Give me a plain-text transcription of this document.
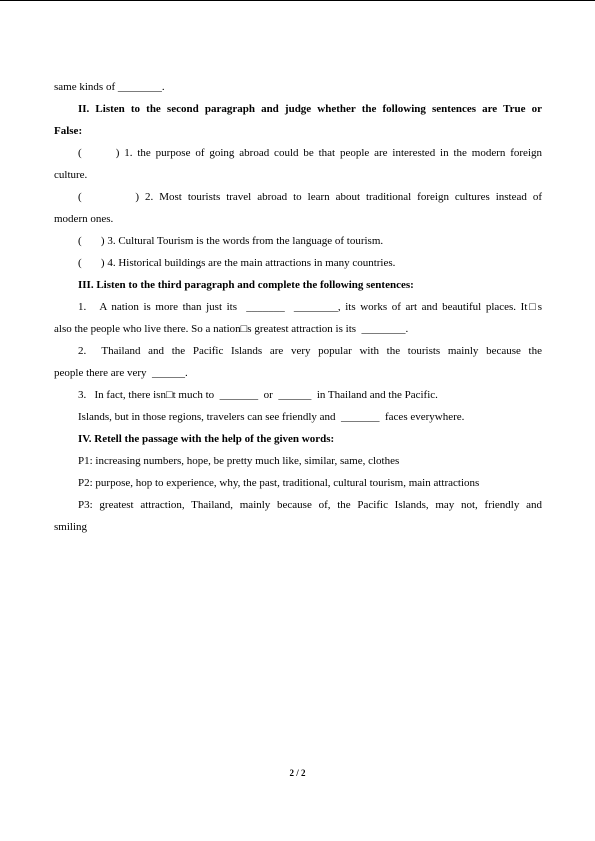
same kinds of ________.
II. Listen to the second paragraph and judge whether the following sentences are True or
False:
(       ) 1. the purpose of going abroad could be that people are interested in the modern foreign
culture.
(         ) 2. Most tourists travel abroad to learn about traditional foreign cultures instead of
modern ones.
(       ) 3. Cultural Tourism is the words from the language of tourism.
(       ) 4. Historical buildings are the main attractions in many countries.
III. Listen to the third paragraph and complete the following sentences:
1.   A nation is more than just its  _______  ________, its works of art and beautiful places. It□s
also the people who live there. So a nation□s greatest attraction is its  ________.
2.  Thailand and the Pacific Islands are very popular with the tourists mainly because the
people there are very  ______.
3.   In fact, there isn□t much to  _______  or  ______  in Thailand and the Pacific.
Islands, but in those regions, travelers can see friendly and  _______  faces everywhere.
IV. Retell the passage with the help of the given words:
P1: increasing numbers, hope, be pretty much like, similar, same, clothes
P2: purpose, hop to experience, why, the past, traditional, cultural tourism, main attractions
P3: greatest attraction, Thailand, mainly because of, the Pacific Islands, may not, friendly and
smiling
2 / 2
